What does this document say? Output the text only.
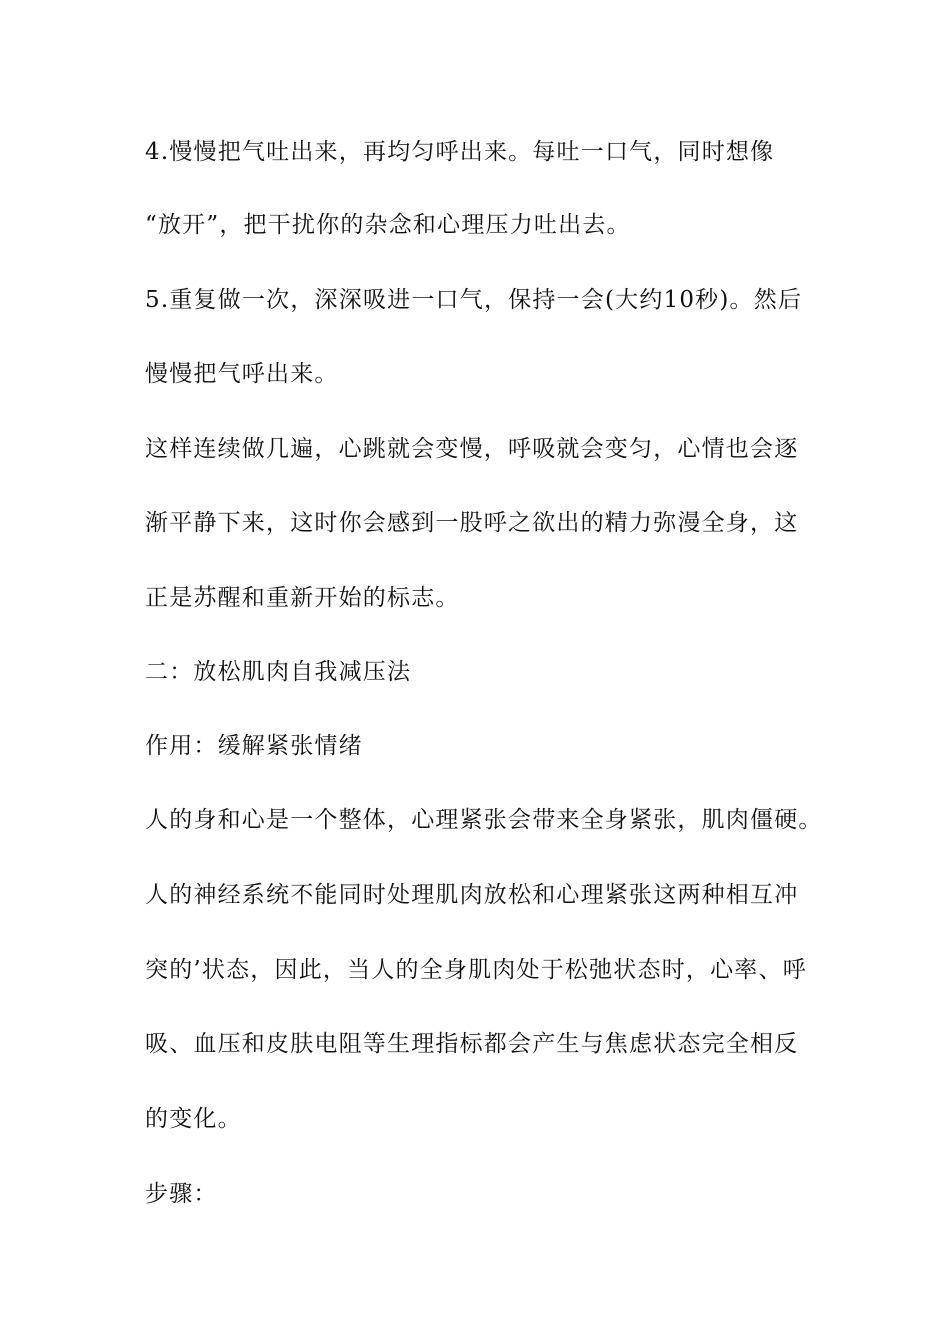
4.慢慢把气吐出来，再均匀呼出来。每吐一口气，同时想像
“放开”，把干扰你的杂念和心理压力吐出去。
5.重复做一次，深深吸进一口气，保持一会(大约10秒)。然后
慢慢把气呼出来。
这样连续做几遍，心跳就会变慢，呼吸就会变匀，心情也会逐
渐平静下来，这时你会感到一股呼之欲出的精力弥漫全身，这
正是苏醒和重新开始的标志。
二：放松肌肉自我减压法
作用：缓解紧张情绪
人的身和心是一个整体，心理紧张会带来全身紧张，肌肉僵硬。
人的神经系统不能同时处理肌肉放松和心理紧张这两种相互冲
突的’状态，因此，当人的全身肌肉处于松弛状态时，心率、呼
吸、血压和皮肤电阻等生理指标都会产生与焦虑状态完全相反
的变化。
步骤：
